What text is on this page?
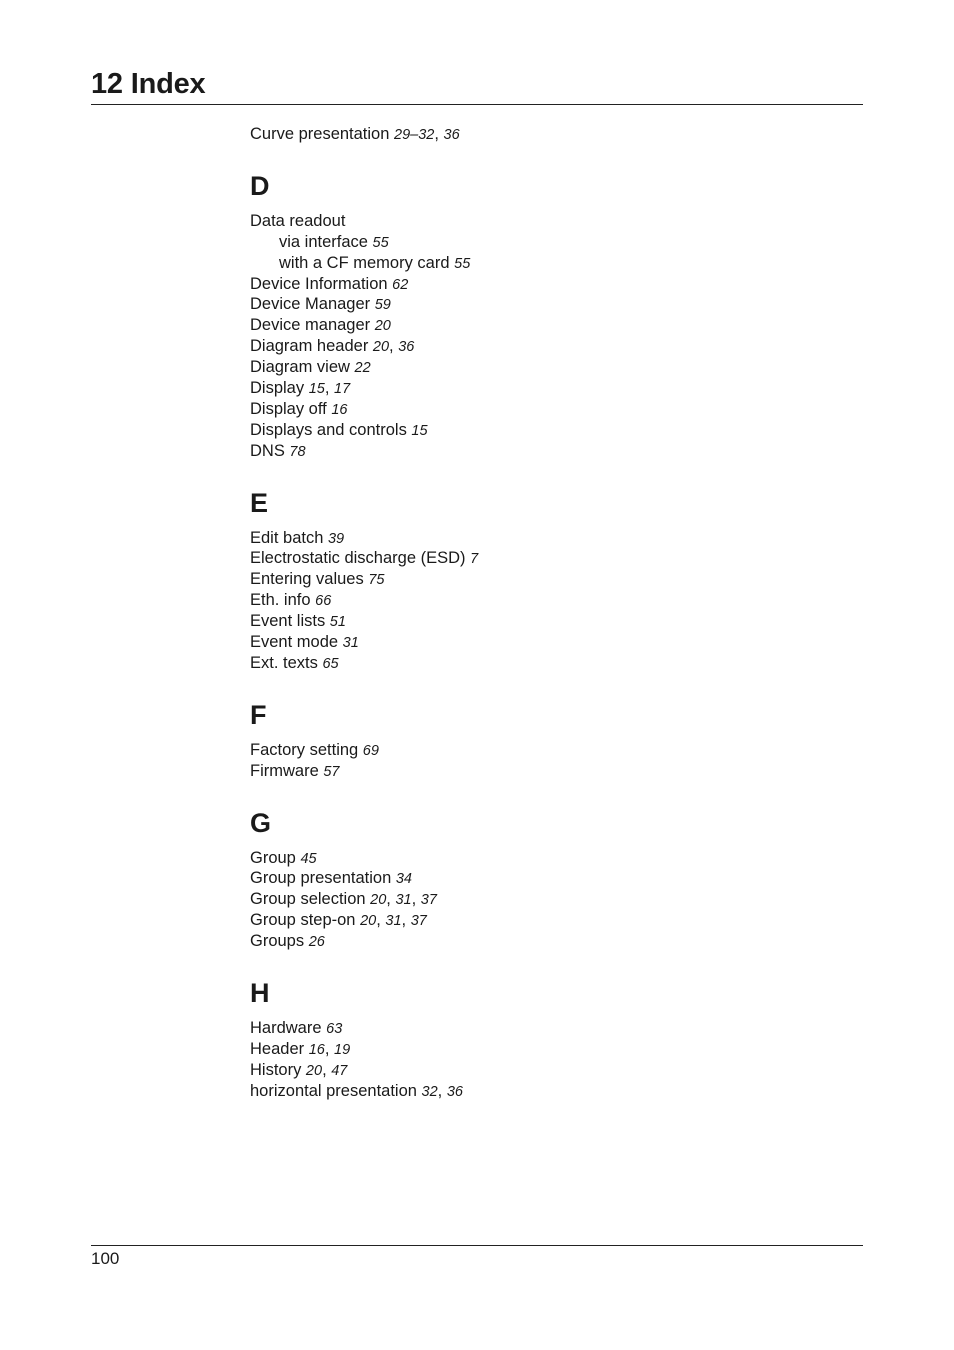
12 Index
Curve presentation 29–32, 36
D
Data readout
via interface 55
with a CF memory card 55
Device Information 62
Device Manager 59
Device manager 20
Diagram header 20, 36
Diagram view 22
Display 15, 17
Display off 16
Displays and controls 15
DNS 78
E
Edit batch 39
Electrostatic discharge (ESD) 7
Entering values 75
Eth. info 66
Event lists 51
Event mode 31
Ext. texts 65
F
Factory setting 69
Firmware 57
G
Group 45
Group presentation 34
Group selection 20, 31, 37
Group step-on 20, 31, 37
Groups 26
H
Hardware 63
Header 16, 19
History 20, 47
horizontal presentation 32, 36
100
